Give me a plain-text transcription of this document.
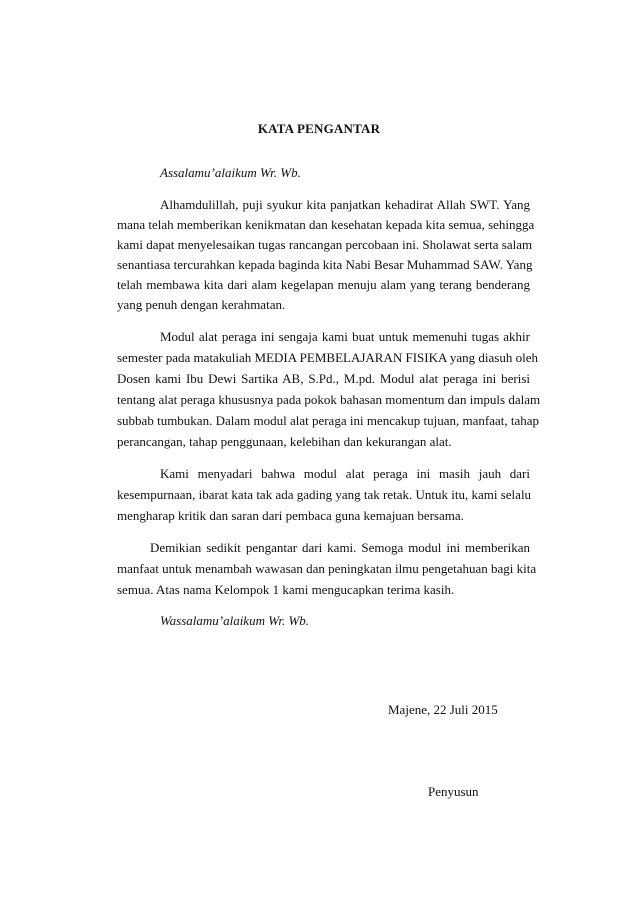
KATA PENGANTAR
Assalamu’alaikum Wr. Wb.
Alhamdulillah, puji syukur kita panjatkan kehadirat Allah SWT. Yang
mana telah memberikan kenikmatan dan kesehatan kepada kita semua, sehingga
kami dapat menyelesaikan tugas rancangan percobaan ini. Sholawat serta salam
senantiasa tercurahkan kepada baginda kita Nabi Besar Muhammad SAW. Yang
telah membawa kita dari alam kegelapan menuju alam yang terang benderang
yang penuh dengan kerahmatan.
Modul alat peraga ini sengaja kami buat untuk memenuhi tugas akhir
semester pada matakuliah MEDIA PEMBELAJARAN FISIKA yang diasuh oleh
Dosen kami Ibu Dewi Sartika AB, S.Pd., M.pd. Modul alat peraga ini berisi
tentang alat peraga khususnya pada pokok bahasan momentum dan impuls dalam
subbab tumbukan. Dalam modul alat peraga ini mencakup tujuan, manfaat, tahap
perancangan, tahap penggunaan, kelebihan dan kekurangan alat.
Kami menyadari bahwa modul alat peraga ini masih jauh dari
kesempurnaan, ibarat kata tak ada gading yang tak retak. Untuk itu, kami selalu
mengharap kritik dan saran dari pembaca guna kemajuan bersama.
Demikian sedikit pengantar dari kami. Semoga modul ini memberikan
manfaat untuk menambah wawasan dan peningkatan ilmu pengetahuan bagi kita
semua. Atas nama Kelompok 1 kami mengucapkan terima kasih.
Wassalamu’alaikum Wr. Wb.
Majene, 22 Juli 2015
Penyusun
